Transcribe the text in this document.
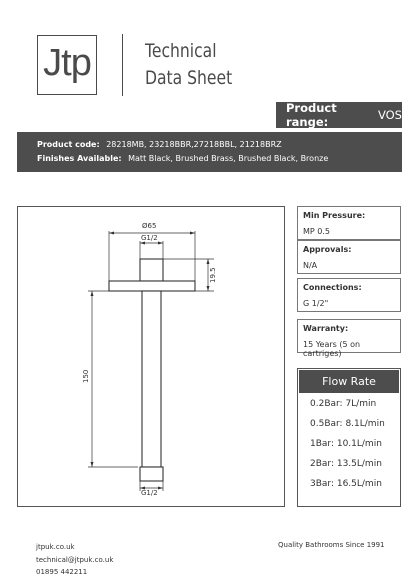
Jtp	Technical
Data Sheet
Product range:	VOS
Product code: 28218MB, 23218BBR,27218BBL, 21218BRZ
Finishes Available: Matt Black, Brushed Brass, Brushed Black, Bronze
Ø65
G1/2
19.5
150
G1/2
Min Pressure:
MP 0.5
Approvals:
N/A
Connections:
G 1/2"
Warranty:
15 Years (5 on cartriges)
Flow Rate
0.2Bar: 7L/min
0.5Bar: 8.1L/min
1Bar: 10.1L/min
2Bar: 13.5L/min
3Bar: 16.5L/min
jtpuk.co.uk
technical@jtpuk.co.uk
01895 442211
Quality Bathrooms Since 1991
